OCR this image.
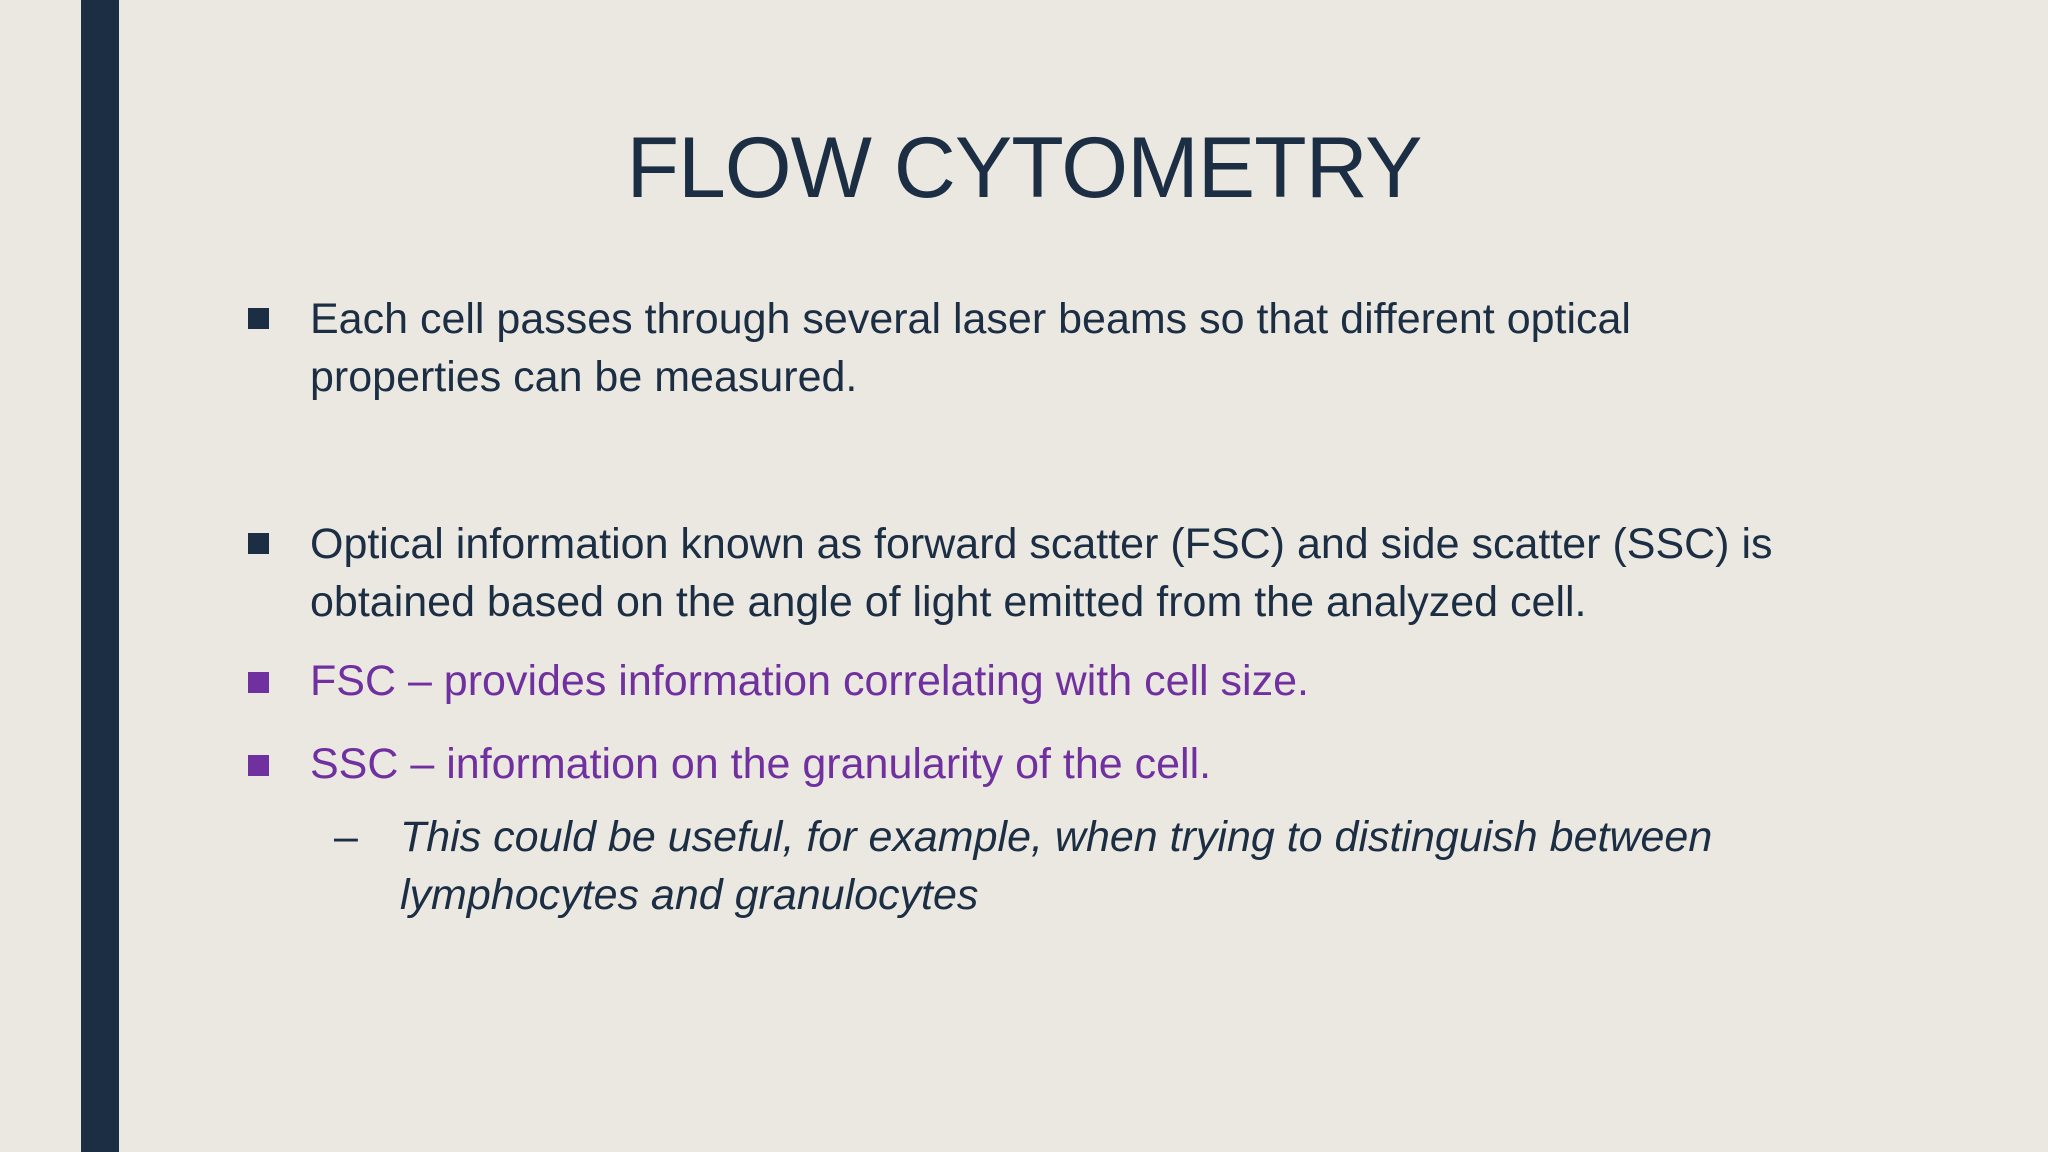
FLOW CYTOMETRY
Each cell passes through several laser beams so that different optical
properties can be measured.
Optical information known as forward scatter (FSC) and side scatter (SSC) is
obtained based on the angle of light emitted from the analyzed cell.
FSC – provides information correlating with cell size.
SSC – information on the granularity of the cell.
– This could be useful, for example, when trying to distinguish between
lymphocytes and granulocytes
